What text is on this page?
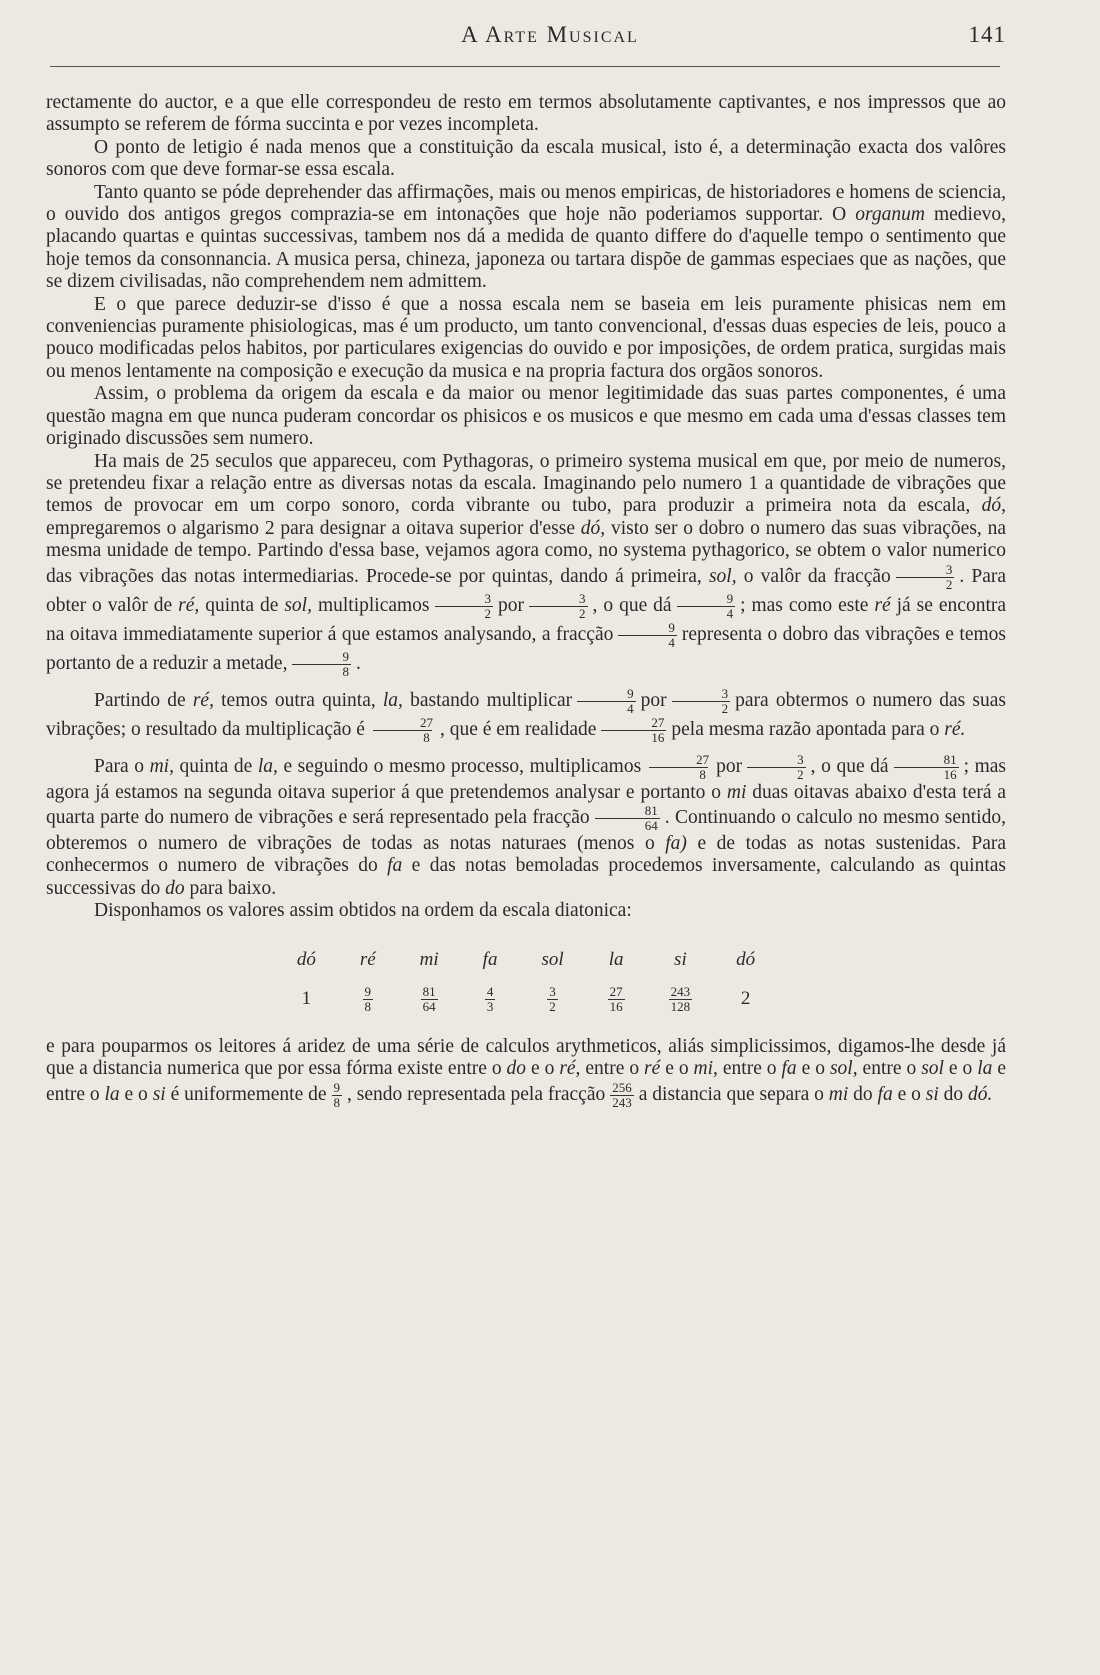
A Arte Musical	141

rectamente do auctor, e a que elle correspondeu de resto em termos absolutamente captivantes, e nos impressos que ao assumpto se referem de fórma succinta e por vezes incompleta.

O ponto de letigio é nada menos que a constituição da escala musical, isto é, a determinação exacta dos valôres sonoros com que deve formar-se essa escala.

Tanto quanto se póde deprehender das affirmações, mais ou menos empiricas, de historiadores e homens de sciencia, o ouvido dos antigos gregos comprazia-se em intonações que hoje não poderiamos supportar. O organum medievo, placando quartas e quintas successivas, tambem nos dá a medida de quanto differe do d'aquelle tempo o sentimento que hoje temos da consonnancia. A musica persa, chineza, japoneza ou tartara dispõe de gammas especiaes que as nações, que se dizem civilisadas, não comprehendem nem admittem.

E o que parece deduzir-se d'isso é que a nossa escala nem se baseia em leis puramente phisicas nem em conveniencias puramente phisiologicas, mas é um producto, um tanto convencional, d'essas duas especies de leis, pouco a pouco modificadas pelos habitos, por particulares exigencias do ouvido e por imposições, de ordem pratica, surgidas mais ou menos lentamente na composição e execução da musica e na propria factura dos orgãos sonoros.

Assim, o problema da origem da escala e da maior ou menor legitimidade das suas partes componentes, é uma questão magna em que nunca puderam concordar os phisicos e os musicos e que mesmo em cada uma d'essas classes tem originado discussões sem numero.

Ha mais de 25 seculos que appareceu, com Pythagoras, o primeiro systema musical em que, por meio de numeros, se pretendeu fixar a relação entre as diversas notas da escala. Imaginando pelo numero 1 a quantidade de vibrações que temos de provocar em um corpo sonoro, corda vibrante ou tubo, para produzir a primeira nota da escala, dó, empregaremos o algarismo 2 para designar a oitava superior d'esse dó, visto ser o dobro o numero das suas vibrações, na mesma unidade de tempo. Partindo d'essa base, vejamos agora como, no systema pythagorico, se obtem o valor numerico das vibrações das notas intermediarias. Procede-se por quintas, dando á primeira, sol, o valôr da fracção $\frac{3}{2}$ . Para obter o valôr de ré, quinta de sol, multiplicamos $\frac{3}{2}$ por $\frac{3}{2}$ , o que dá $\frac{9}{4}$ ; mas como este ré já se encontra na oitava immediatamente superior á que estamos analysando, a fracção $\frac{9}{4}$ representa o dobro das vibrações e temos portanto de a reduzir a metade, $\frac{9}{8}$ .

Partindo de ré, temos outra quinta, la, bastando multiplicar $\frac{9}{4}$ por $\frac{3}{2}$ para obtermos o numero das suas vibrações; o resultado da multiplicação é $\frac{27}{8}$ , que é em realidade $\frac{27}{16}$ pela mesma razão apontada para o ré.

Para o mi, quinta de la, e seguindo o mesmo processo, multiplicamos $\frac{27}{8}$ por $\frac{3}{2}$ , o que dá $\frac{81}{16}$ ; mas agora já estamos na segunda oitava superior á que pretendemos analysar e portanto o mi duas oitavas abaixo d'esta terá a quarta parte do numero de vibrações e será representado pela fracção $\frac{81}{64}$ . Continuando o calculo no mesmo sentido, obteremos o numero de vibrações de todas as notas naturaes (menos o fa) e de todas as notas sustenidas. Para conhecermos o numero de vibrações do fa e das notas bemoladas procedemos inversamente, calculando as quintas successivas do do para baixo.

Disponhamos os valores assim obtidos na ordem da escala diatonica:

dó	ré	mi	fa	sol	la	si	dó
1	$\frac{9}{8}$	$\frac{81}{64}$	$\frac{4}{3}$	$\frac{3}{2}$	$\frac{27}{16}$	$\frac{243}{128}$	2

e para pouparmos os leitores á aridez de uma série de calculos arythmeticos, aliás simplicissimos, digamos-lhe desde já que a distancia numerica que por essa fórma existe entre o do e o ré, entre o ré e o mi, entre o fa e o sol, entre o sol e o la e entre o la e o si é uniformemente de $\frac{9}{8}$ , sendo representada pela fracção $\frac{256}{243}$ a distancia que separa o mi do fa e o si do dó.
